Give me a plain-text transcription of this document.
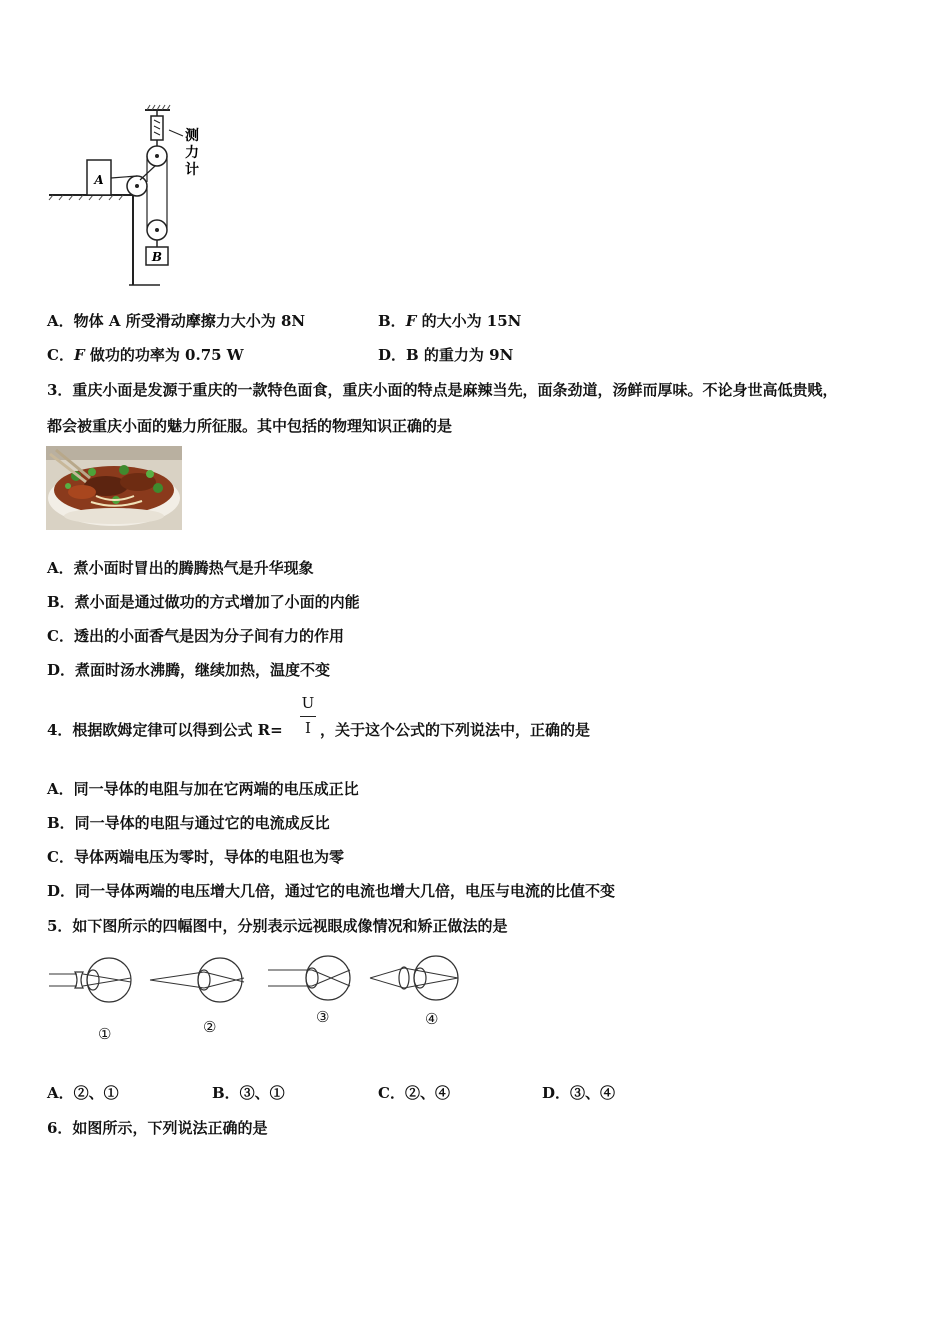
A
B
测
力
计
A．物体 A 所受滑动摩擦力大小为 8N	B．F 的大小为 15N
C．F 做功的功率为 0.75 W	D．B 的重力为 9N
3．重庆小面是发源于重庆的一款特色面食，重庆小面的特点是麻辣当先，面条劲道，汤鲜而厚味。不论身世高低贵贱，
都会被重庆小面的魅力所征服。其中包括的物理知识正确的是
A．煮小面时冒出的腾腾热气是升华现象
B．煮小面是通过做功的方式增加了小面的内能
C．透出的小面香气是因为分子间有力的作用
D．煮面时汤水沸腾，继续加热，温度不变
4．根据欧姆定律可以得到公式 R=
U
I ，关于这个公式的下列说法中，正确的是
A．同一导体的电阻与加在它两端的电压成正比
B．同一导体的电阻与通过它的电流成反比
C．导体两端电压为零时，导体的电阻也为零
D．同一导体两端的电压增大几倍，通过它的电流也增大几倍，电压与电流的比值不变
5．如下图所示的四幅图中，分别表示远视眼成像情况和矫正做法的是
①	②
③	④
A．②、①	B．③、①	C．②、④	D．③、④
6．如图所示，下列说法正确的是
